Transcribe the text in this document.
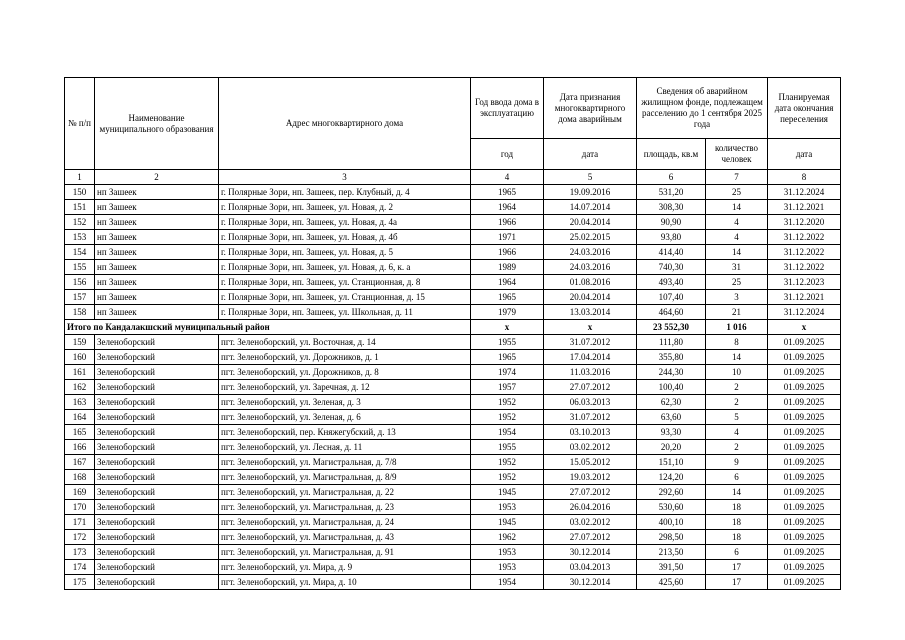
№ п/п	Наименование муниципального образования	Адрес многоквартирного дома	Год ввода дома в эксплуатацию	Дата признания многоквартирного дома аварийным	Сведения об аварийном жилищном фонде, подлежащем расселению до 1 сентября 2025 года		Планируемая дата окончания переселения
			год	дата	площадь, кв.м	количество человек	дата
1	2	3	4	5	6	7	8
150	нп Зашеек	г. Полярные Зори, нп. Зашеек, пер. Клубный, д. 4	1965	19.09.2016	531,20	25	31.12.2024
151	нп Зашеек	г. Полярные Зори, нп. Зашеек, ул. Новая, д. 2	1964	14.07.2014	308,30	14	31.12.2021
152	нп Зашеек	г. Полярные Зори, нп. Зашеек, ул. Новая, д. 4а	1966	20.04.2014	90,90	4	31.12.2020
153	нп Зашеек	г. Полярные Зори, нп. Зашеек, ул. Новая, д. 4б	1971	25.02.2015	93,80	4	31.12.2022
154	нп Зашеек	г. Полярные Зори, нп. Зашеек, ул. Новая, д. 5	1966	24.03.2016	414,40	14	31.12.2022
155	нп Зашеек	г. Полярные Зори, нп. Зашеек, ул. Новая, д. 6, к. а	1989	24.03.2016	740,30	31	31.12.2022
156	нп Зашеек	г. Полярные Зори, нп. Зашеек, ул. Станционная, д. 8	1964	01.08.2016	493,40	25	31.12.2023
157	нп Зашеек	г. Полярные Зори, нп. Зашеек, ул. Станционная, д. 15	1965	20.04.2014	107,40	3	31.12.2021
158	нп Зашеек	г. Полярные Зори, нп. Зашеек, ул. Школьная, д. 11	1979	13.03.2014	464,60	21	31.12.2024
Итого по Кандалакшский муниципальный район			x	x	23 552,30	1 016	x
159	Зеленоборский	пгт. Зеленоборский, ул. Восточная, д. 14	1955	31.07.2012	111,80	8	01.09.2025
160	Зеленоборский	пгт. Зеленоборский, ул. Дорожников, д. 1	1965	17.04.2014	355,80	14	01.09.2025
161	Зеленоборский	пгт. Зеленоборский, ул. Дорожников, д. 8	1974	11.03.2016	244,30	10	01.09.2025
162	Зеленоборский	пгт. Зеленоборский, ул. Заречная, д. 12	1957	27.07.2012	100,40	2	01.09.2025
163	Зеленоборский	пгт. Зеленоборский, ул. Зеленая, д. 3	1952	06.03.2013	62,30	2	01.09.2025
164	Зеленоборский	пгт. Зеленоборский, ул. Зеленая, д. 6	1952	31.07.2012	63,60	5	01.09.2025
165	Зеленоборский	пгт. Зеленоборский, пер. Княжегубский, д. 13	1954	03.10.2013	93,30	4	01.09.2025
166	Зеленоборский	пгт. Зеленоборский, ул. Лесная, д. 11	1955	03.02.2012	20,20	2	01.09.2025
167	Зеленоборский	пгт. Зеленоборский, ул. Магистральная, д. 7/8	1952	15.05.2012	151,10	9	01.09.2025
168	Зеленоборский	пгт. Зеленоборский, ул. Магистральная, д. 8/9	1952	19.03.2012	124,20	6	01.09.2025
169	Зеленоборский	пгт. Зеленоборский, ул. Магистральная, д. 22	1945	27.07.2012	292,60	14	01.09.2025
170	Зеленоборский	пгт. Зеленоборский, ул. Магистральная, д. 23	1953	26.04.2016	530,60	18	01.09.2025
171	Зеленоборский	пгт. Зеленоборский, ул. Магистральная, д. 24	1945	03.02.2012	400,10	18	01.09.2025
172	Зеленоборский	пгт. Зеленоборский, ул. Магистральная, д. 43	1962	27.07.2012	298,50	18	01.09.2025
173	Зеленоборский	пгт. Зеленоборский, ул. Магистральная, д. 91	1953	30.12.2014	213,50	6	01.09.2025
174	Зеленоборский	пгт. Зеленоборский, ул. Мира, д. 9	1953	03.04.2013	391,50	17	01.09.2025
175	Зеленоборский	пгт. Зеленоборский, ул. Мира, д. 10	1954	30.12.2014	425,60	17	01.09.2025
